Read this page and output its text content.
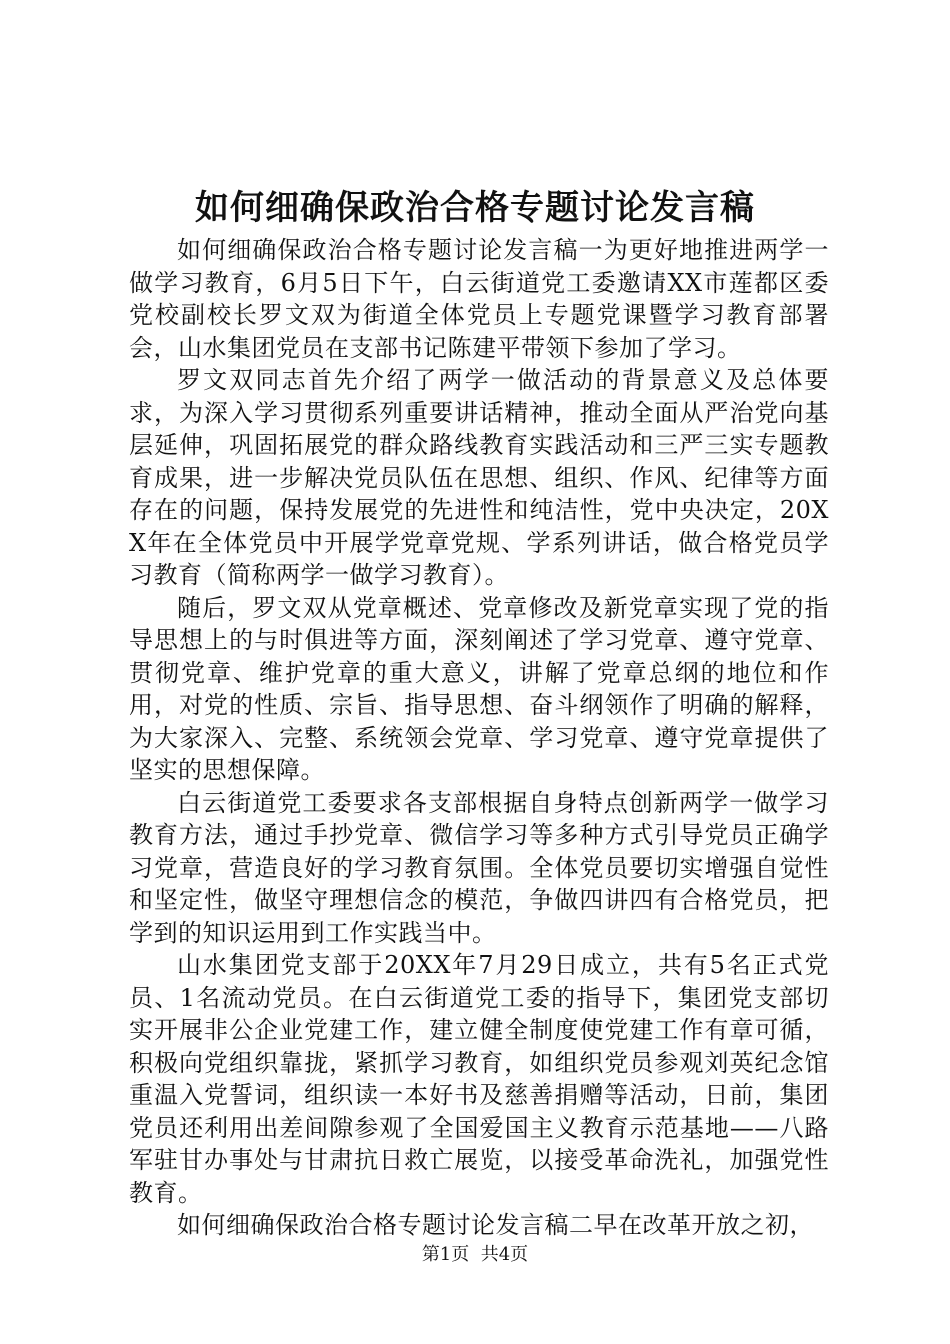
如何细确保政治合格专题讨论发言稿

如何细确保政治合格专题讨论发言稿一为更好地推进两学一做学习教育，6月5日下午，白云街道党工委邀请XX市莲都区委党校副校长罗文双为街道全体党员上专题党课暨学习教育部署会，山水集团党员在支部书记陈建平带领下参加了学习。

罗文双同志首先介绍了两学一做活动的背景意义及总体要求，为深入学习贯彻系列重要讲话精神，推动全面从严治党向基层延伸，巩固拓展党的群众路线教育实践活动和三严三实专题教育成果，进一步解决党员队伍在思想、组织、作风、纪律等方面存在的问题，保持发展党的先进性和纯洁性，党中央决定，20XX年在全体党员中开展学党章党规、学系列讲话，做合格党员学习教育（简称两学一做学习教育）。

随后，罗文双从党章概述、党章修改及新党章实现了党的指导思想上的与时俱进等方面，深刻阐述了学习党章、遵守党章、贯彻党章、维护党章的重大意义，讲解了党章总纲的地位和作用，对党的性质、宗旨、指导思想、奋斗纲领作了明确的解释，为大家深入、完整、系统领会党章、学习党章、遵守党章提供了坚实的思想保障。

白云街道党工委要求各支部根据自身特点创新两学一做学习教育方法，通过手抄党章、微信学习等多种方式引导党员正确学习党章，营造良好的学习教育氛围。全体党员要切实增强自觉性和坚定性，做坚守理想信念的模范，争做四讲四有合格党员，把学到的知识运用到工作实践当中。

山水集团党支部于20XX年7月29日成立，共有5名正式党员、1名流动党员。在白云街道党工委的指导下，集团党支部切实开展非公企业党建工作，建立健全制度使党建工作有章可循，积极向党组织靠拢，紧抓学习教育，如组织党员参观刘英纪念馆重温入党誓词，组织读一本好书及慈善捐赠等活动，日前，集团党员还利用出差间隙参观了全国爱国主义教育示范基地——八路军驻甘办事处与甘肃抗日救亡展览，以接受革命洗礼，加强党性教育。

如何细确保政治合格专题讨论发言稿二早在改革开放之初，

第1页  共4页
